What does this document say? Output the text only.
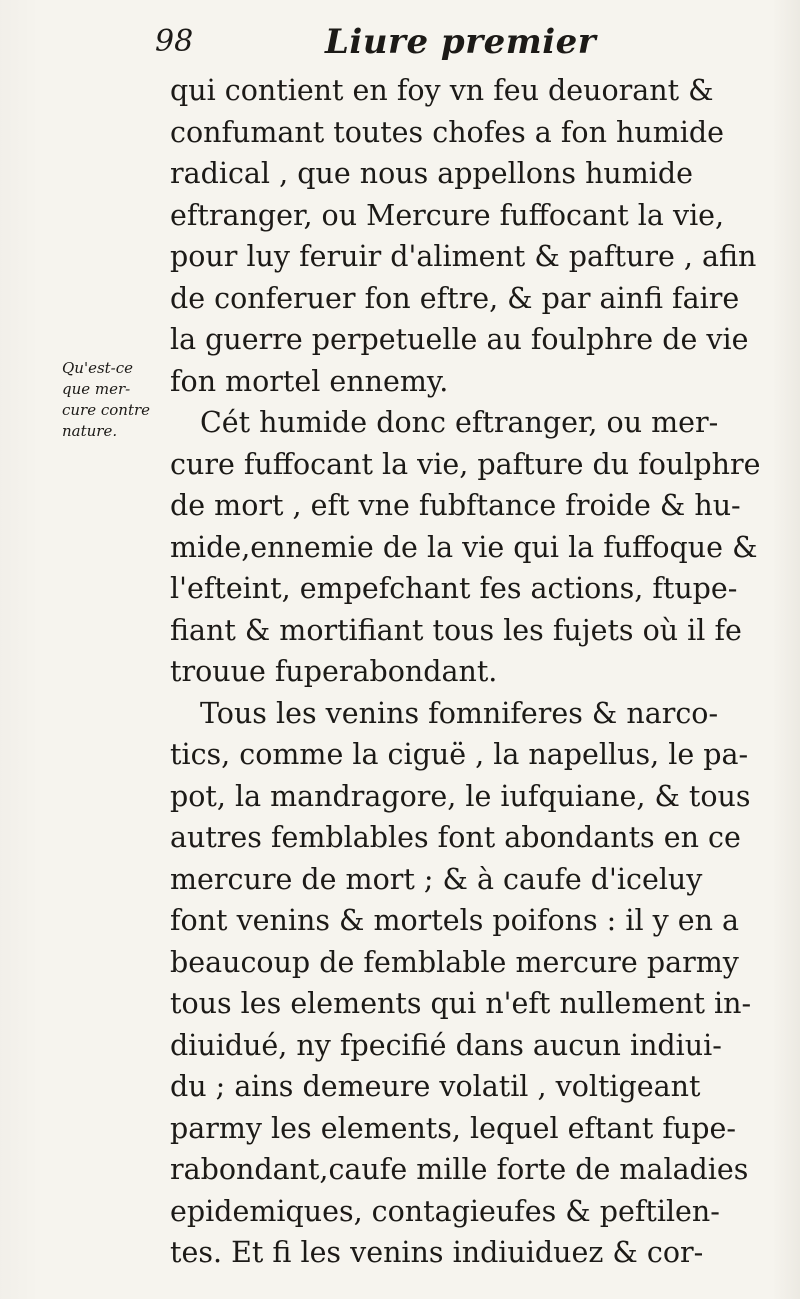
98	Liure premier
Qu'est-ce
que mer-
cure contre
nature.
qui contient en foy vn feu deuorant &
confumant toutes chofes a fon humide
radical , que nous appellons humide
eftranger, ou Mercure fuffocant la vie,
pour luy feruir d'aliment & pafture , afin
de conferuer fon eftre, & par ainfi faire
la guerre perpetuelle au foulphre de vie
fon mortel ennemy.
Cét humide donc eftranger, ou mer-
cure fuffocant la vie, pafture du foulphre
de mort , eft vne fubftance froide & hu-
mide,ennemie de la vie qui la fuffoque &
l'efteint, empefchant fes actions, ftupe-
fiant & mortifiant tous les fujets où il fe
trouue fuperabondant.
Tous les venins fomniferes & narco-
tics, comme la ciguë , la napellus, le pa-
pot, la mandragore, le iufquiane, & tous
autres femblables font abondants en ce
mercure de mort ; & à caufe d'iceluy
font venins & mortels poifons : il y en a
beaucoup de femblable mercure parmy
tous les elements qui n'eft nullement in-
diuidué, ny fpecifié dans aucun indiui-
du ; ains demeure volatil , voltigeant
parmy les elements, lequel eftant fupe-
rabondant,caufe mille forte de maladies
epidemiques, contagieufes & peftilen-
tes. Et fi les venins indiuiduez & cor-
